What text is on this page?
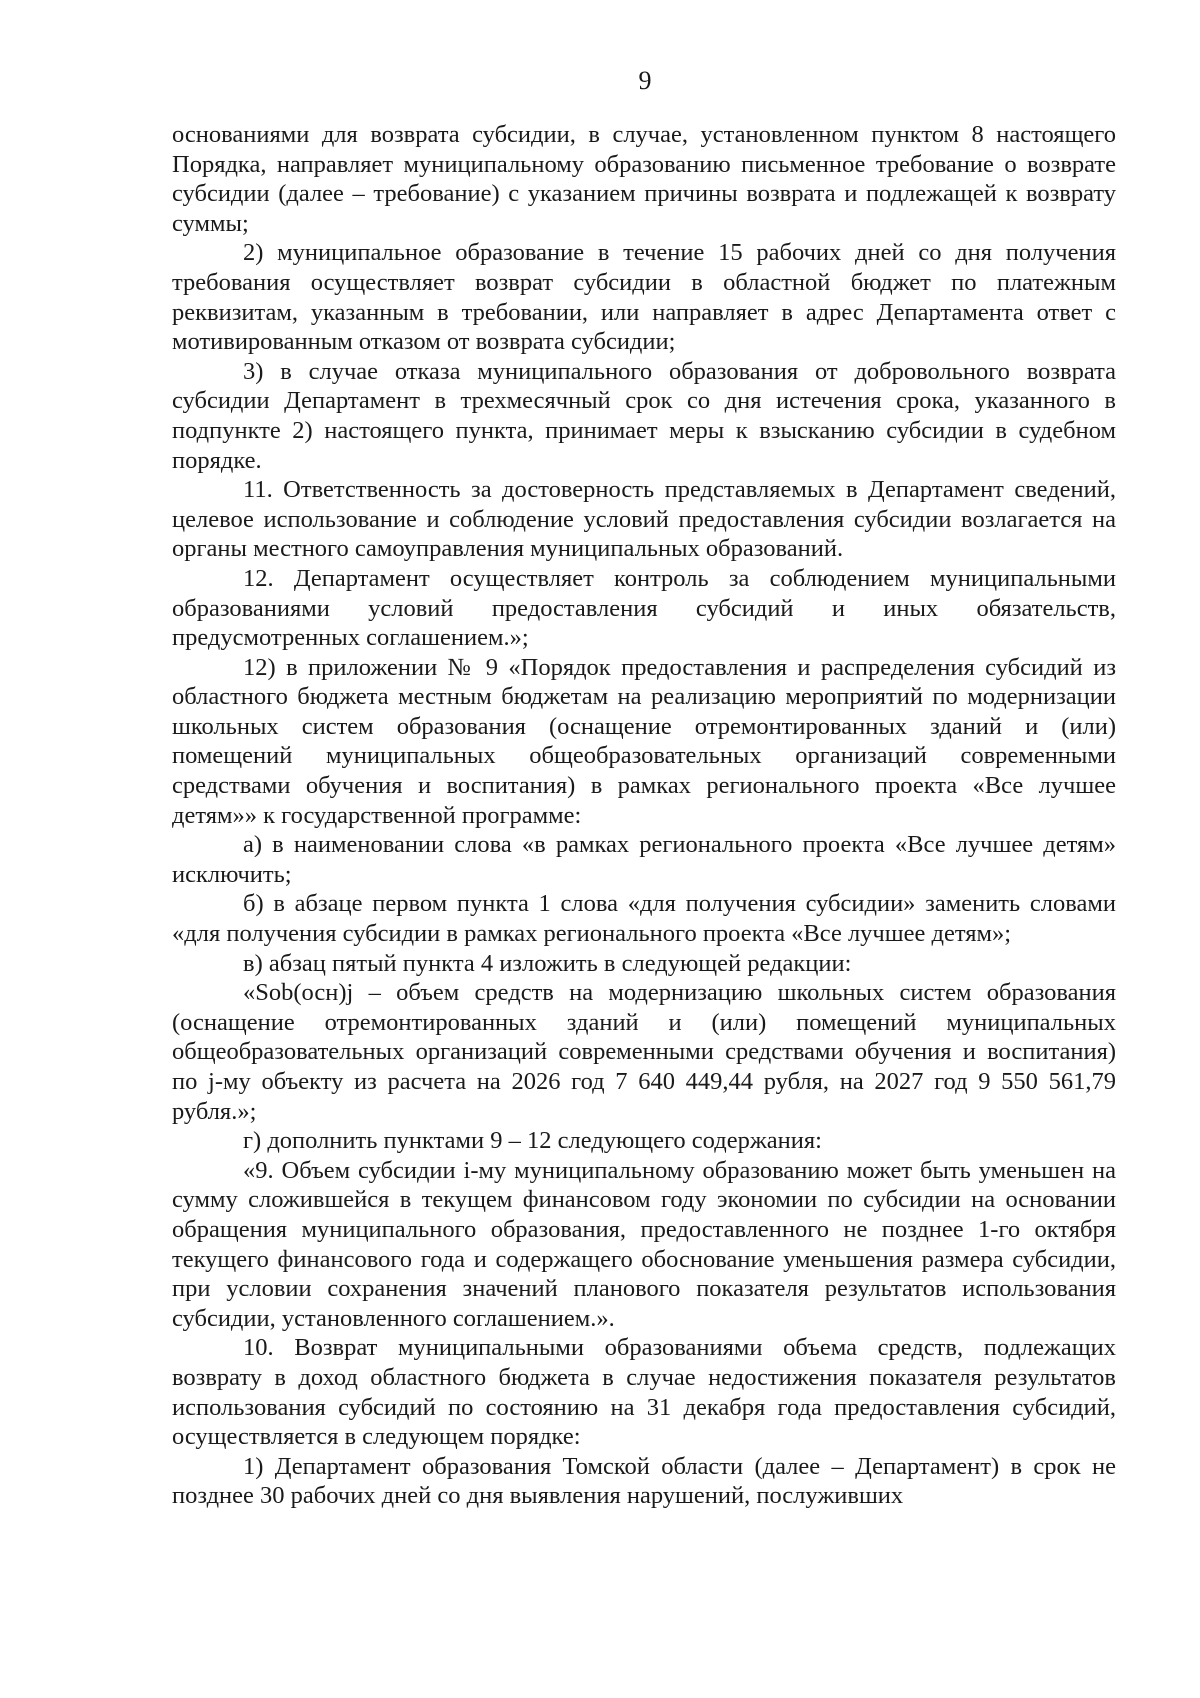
9

основаниями для возврата субсидии, в случае, установленном пунктом 8 настоящего Порядка, направляет муниципальному образованию письменное требование о возврате субсидии (далее – требование) с указанием причины возврата и подлежащей к возврату суммы;

2) муниципальное образование в течение 15 рабочих дней со дня получения требования осуществляет возврат субсидии в областной бюджет по платежным реквизитам, указанным в требовании, или направляет в адрес Департамента ответ с мотивированным отказом от возврата субсидии;

3) в случае отказа муниципального образования от добровольного возврата субсидии Департамент в трехмесячный срок со дня истечения срока, указанного в подпункте 2) настоящего пункта, принимает меры к взысканию субсидии в судебном порядке.

11. Ответственность за достоверность представляемых в Департамент сведений, целевое использование и соблюдение условий предоставления субсидии возлагается на органы местного самоуправления муниципальных образований.

12. Департамент осуществляет контроль за соблюдением муниципальными образованиями условий предоставления субсидий и иных обязательств, предусмотренных соглашением.»;

12) в приложении № 9 «Порядок предоставления и распределения субсидий из областного бюджета местным бюджетам на реализацию мероприятий по модернизации школьных систем образования (оснащение отремонтированных зданий и (или) помещений муниципальных общеобразовательных организаций современными средствами обучения и воспитания) в рамках регионального проекта «Все лучшее детям»» к государственной программе:

а) в наименовании слова «в рамках регионального проекта «Все лучшее детям» исключить;

б) в абзаце первом пункта 1 слова «для получения субсидии» заменить словами «для получения субсидии в рамках регионального проекта «Все лучшее детям»;

в) абзац пятый пункта 4 изложить в следующей редакции:

«Sob(осн)j – объем средств на модернизацию школьных систем образования (оснащение отремонтированных зданий и (или) помещений муниципальных общеобразовательных организаций современными средствами обучения и воспитания) по j-му объекту из расчета на 2026 год 7 640 449,44 рубля, на 2027 год 9 550 561,79 рубля.»;

г) дополнить пунктами 9 – 12 следующего содержания:

«9. Объем субсидии i-му муниципальному образованию может быть уменьшен на сумму сложившейся в текущем финансовом году экономии по субсидии на основании обращения муниципального образования, предоставленного не позднее 1-го октября текущего финансового года и содержащего обоснование уменьшения размера субсидии, при условии сохранения значений планового показателя результатов использования субсидии, установленного соглашением.».

10. Возврат муниципальными образованиями объема средств, подлежащих возврату в доход областного бюджета в случае недостижения показателя результатов использования субсидий по состоянию на 31 декабря года предоставления субсидий, осуществляется в следующем порядке:

1) Департамент образования Томской области (далее – Департамент) в срок не позднее 30 рабочих дней со дня выявления нарушений, послуживших
